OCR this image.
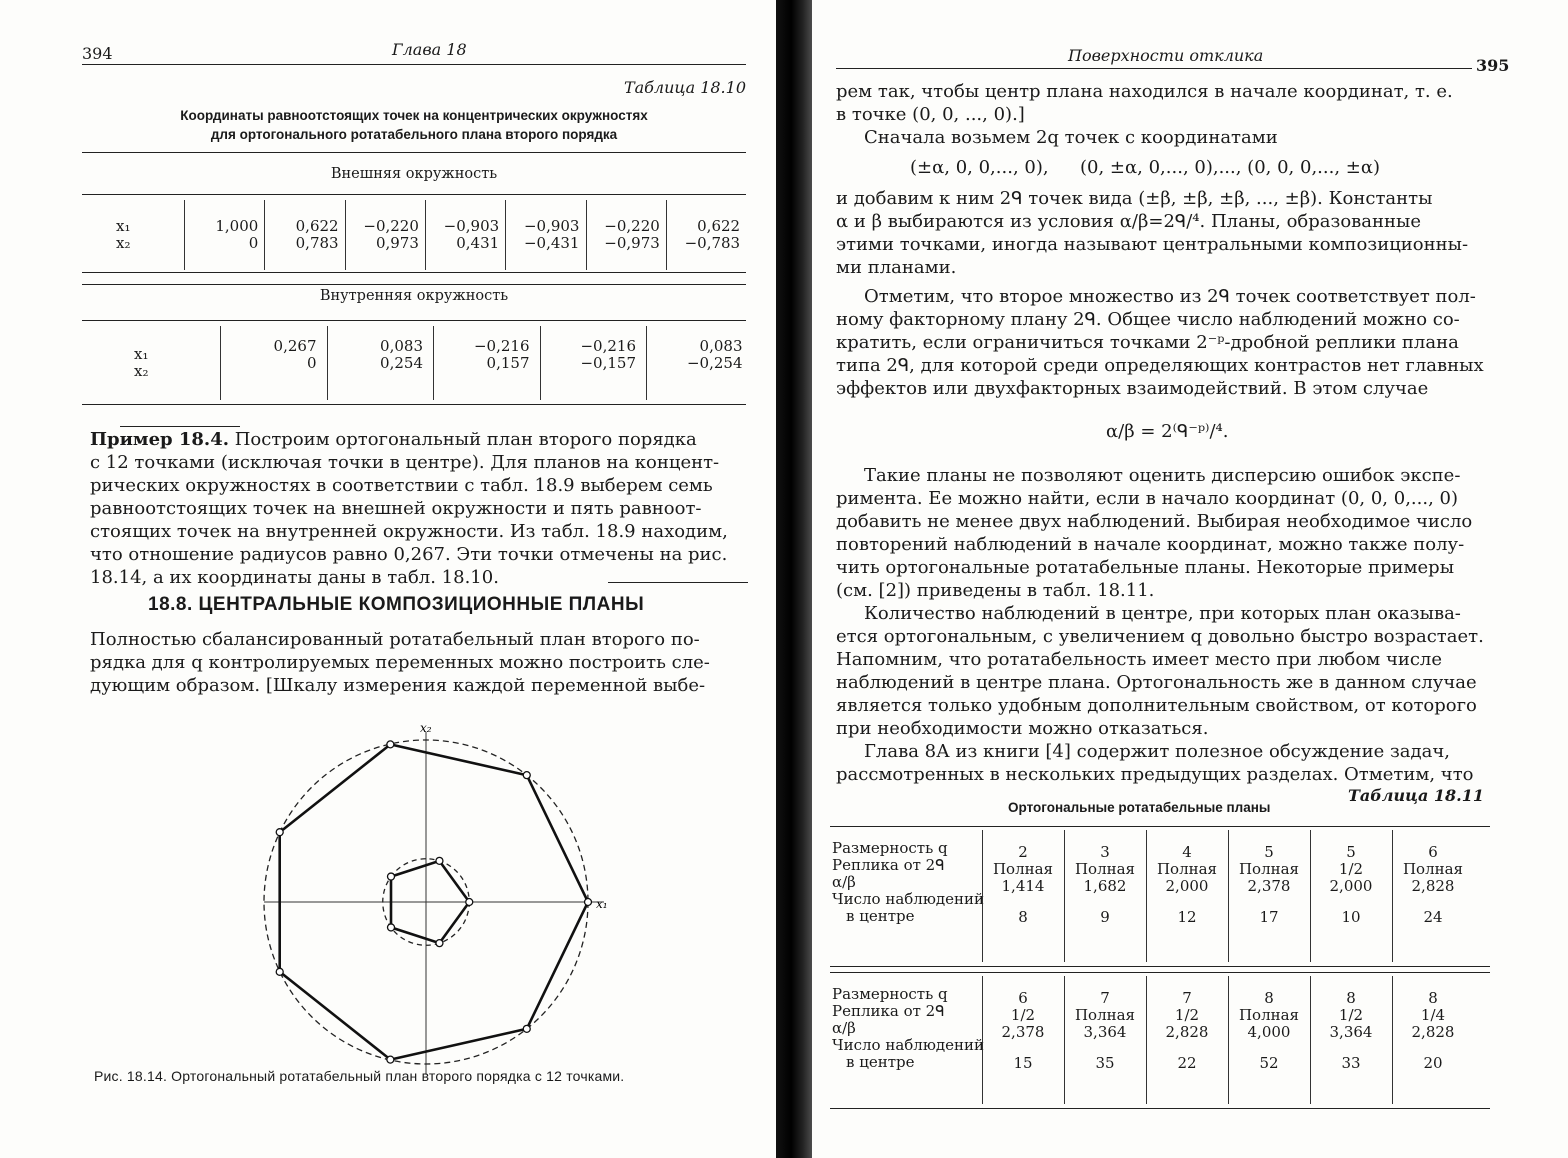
394	Глава 18
Таблица 18.10
Координаты равноотстоящих точек на концентрических окружностях
для ортогонального ротатабельного плана второго порядка
Внешняя окружность
Внутренняя окружность
Пример 18.4. Построим ортогональный план второго порядка
с 12 точками (исключая точки в центре). Для планов на концент-
рических окружностях в соответствии с табл. 18.9 выберем семь
равноотстоящих точек на внешней окружности и пять равноот-
стоящих точек на внутренней окружности. Из табл. 18.9 находим,
что отношение радиусов равно 0,267. Эти точки отмечены на рис.
18.14, а их координаты даны в табл. 18.10.
18.8. ЦЕНТРАЛЬНЫЕ КОМПОЗИЦИОННЫЕ ПЛАНЫ
Полностью сбалансированный ротатабельный план второго по-
рядка для q контролируемых переменных можно построить сле-
дующим образом. [Шкалу измерения каждой переменной выбе-
x₁
x₂
Рис. 18.14. Ортогональный ротатабельный план второго порядка с 12 точками.
x₁
x₂
1,000
0
0,622
0,783
−0,220
0,973
−0,903
0,431
−0,903
−0,431
−0,220
−0,973
0,622
−0,783
x₁
x₂
0,267
0
0,083
0,254
−0,216
0,157
−0,216
−0,157
0,083
−0,254
Поверхности отклика
395
рем так, чтобы центр плана находился в начале координат, т. е.
в точке (0, 0, ..., 0).]
Сначала возьмем 2q точек с координатами
(±α, 0, 0,..., 0), (0, ±α, 0,..., 0),..., (0, 0, 0,..., ±α)
и добавим к ним 2ᑫ точек вида (±β, ±β, ±β, ..., ±β). Константы
α и β выбираются из условия α/β=2ᑫ/⁴. Планы, образованные
этими точками, иногда называют центральными композиционны-
ми планами.
Отметим, что второе множество из 2ᑫ точек соответствует пол-
ному факторному плану 2ᑫ. Общее число наблюдений можно со-
кратить, если ограничиться точками 2⁻ᵖ-дробной реплики плана
типа 2ᑫ, для которой среди определяющих контрастов нет главных
эффектов или двухфакторных взаимодействий. В этом случае
α/β = 2⁽ᑫ⁻ᵖ⁾/⁴.
Такие планы не позволяют оценить дисперсию ошибок экспе-
римента. Ее можно найти, если в начало координат (0, 0, 0,..., 0)
добавить не менее двух наблюдений. Выбирая необходимое число
повторений наблюдений в начале координат, можно также полу-
чить ортогональные ротатабельные планы. Некоторые примеры
(см. [2]) приведены в табл. 18.11.
Количество наблюдений в центре, при которых план оказыва-
ется ортогональным, с увеличением q довольно быстро возрастает.
Напомним, что ротатабельность имеет место при любом числе
наблюдений в центре плана. Ортогональность же в данном случае
является только удобным дополнительным свойством, от которого
при необходимости можно отказаться.
Глава 8А из книги [4] содержит полезное обсуждение задач,
рассмотренных в нескольких предыдущих разделах. Отметим, что
Таблица 18.11
Ортогональные ротатабельные планы
Размерность q
Реплика от 2ᑫ
α/β
Число наблюдений
в центре
2
Полная
1,414
8
3
Полная
1,682
9
4
Полная
2,000
12
5
Полная
2,378
17
5
1/2
2,000
10
6
Полная
2,828
24
Размерность q
Реплика от 2ᑫ
α/β
Число наблюдений
в центре
6
1/2
2,378
15
7
Полная
3,364
35
7
1/2
2,828
22
8
Полная
4,000
52
8
1/2
3,364
33
8
1/4
2,828
20
